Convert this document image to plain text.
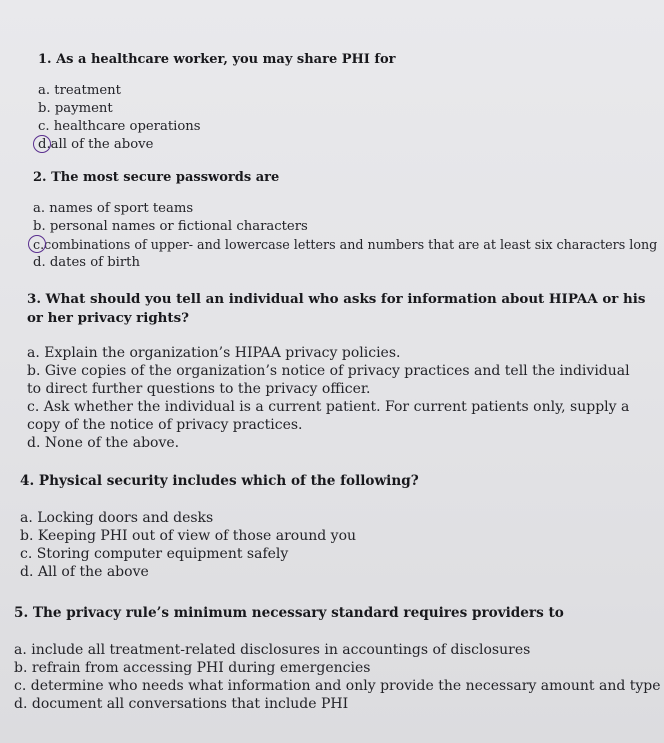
1. As a healthcare worker, you may share PHI for

a. treatment
b. payment
c. healthcare operations
d.all of the above

2. The most secure passwords are

a. names of sport teams
b. personal names or fictional characters
c.combinations of upper- and lowercase letters and numbers that are at least six characters long
d. dates of birth

3. What should you tell an individual who asks for information about HIPAA or his or her privacy rights?

a. Explain the organization’s HIPAA privacy policies.
b. Give copies of the organization’s notice of privacy practices and tell the individual to direct further questions to the privacy officer.
c. Ask whether the individual is a current patient. For current patients only, supply a copy of the notice of privacy practices.
d. None of the above.

4. Physical security includes which of the following?

a. Locking doors and desks
b. Keeping PHI out of view of those around you
c. Storing computer equipment safely
d. All of the above

5. The privacy rule’s minimum necessary standard requires providers to

a. include all treatment-related disclosures in accountings of disclosures
b. refrain from accessing PHI during emergencies
c. determine who needs what information and only provide the necessary amount and type
d. document all conversations that include PHI
